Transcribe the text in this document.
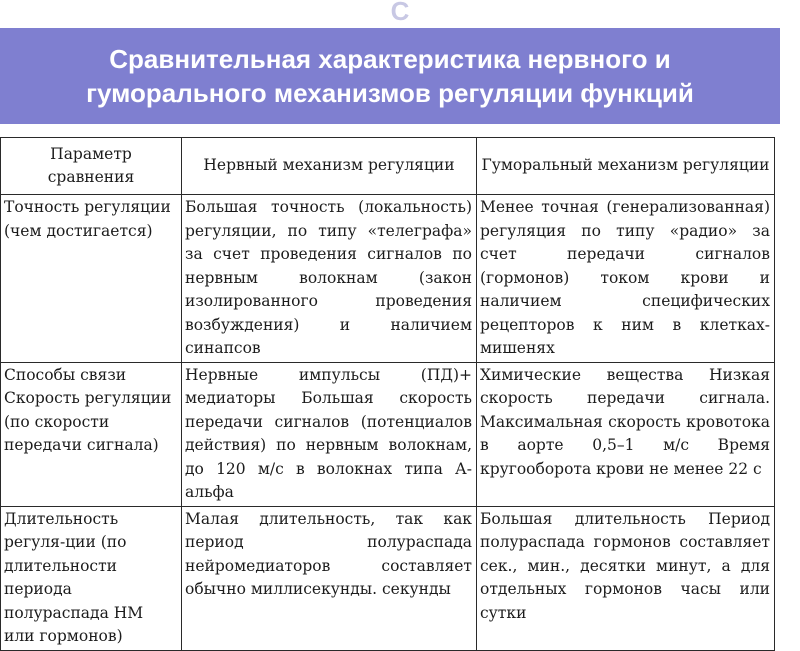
С
Сравнительная характеристика нервного и
гуморального механизмов регуляции функций
Параметр сравнения	Нервный механизм регуляции	Гуморальный механизм регуляции
Точность регуляции (чем достигается)	Большая точность (локальность) регуляции, по типу «телеграфа» за счет проведения сигналов по нервным волокнам (закон изолированного проведения возбуждения) и наличием синапсов	Менее точная (генерализованная) регуляция по типу «радио» за счет передачи сигналов (гормонов) током крови и наличием специфических рецепторов к ним в клетках-мишенях
Способы связи Скорость регуляции (по скорости передачи сигнала)	Нервные импульсы (ПД)+ медиаторы Большая скорость передачи сигналов (потенциалов действия) по нервным волокнам, до 120 м/с в волокнах типа А-альфа	Химические вещества Низкая скорость передачи сигнала. Максимальная скорость кровотока в аорте 0,5–1 м/с Время кругооборота крови не менее 22 с
Длительность регуля-ции (по длительности периода полураспада НМ или гормонов)	Малая длительность, так как период полураспада нейромедиаторов составляет обычно миллисекунды. секунды	Большая длительность Период полураспада гормонов составляет сек., мин., десятки минут, а для отдельных гормонов часы или сутки
